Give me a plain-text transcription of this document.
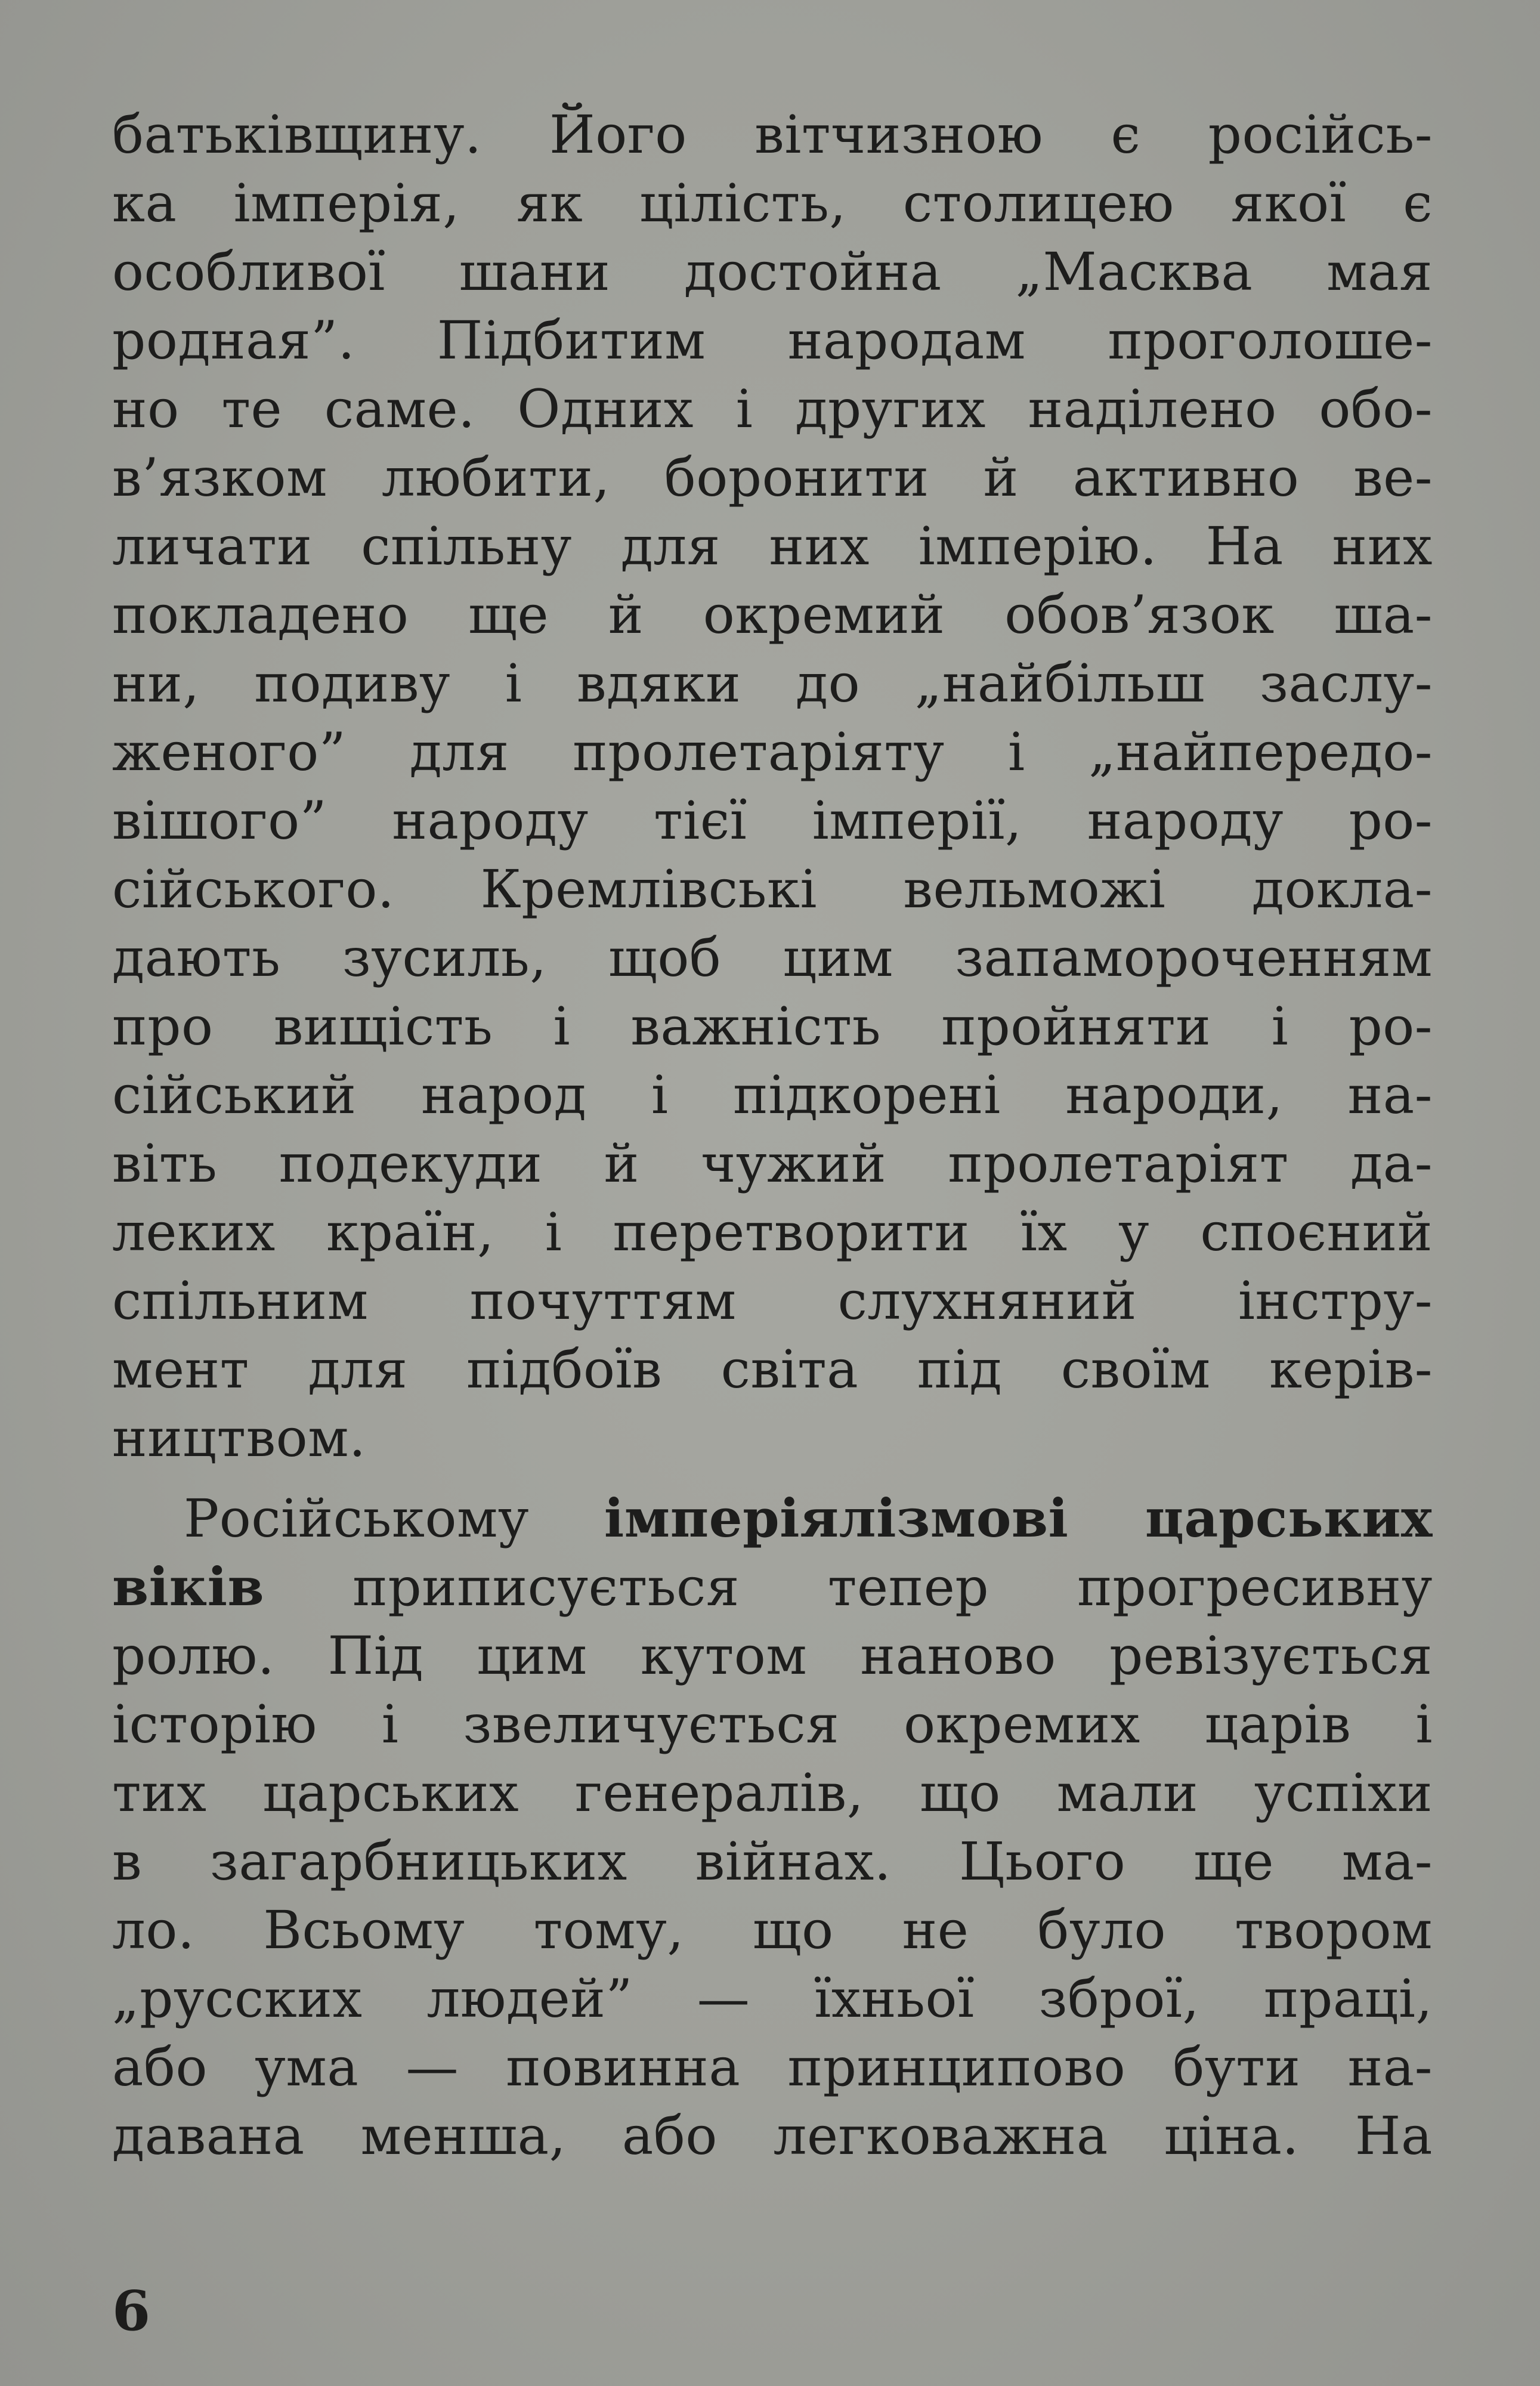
батьківщину. Його вітчизною є російсь-
ка імперія, як цілість, столицею якої є
особливої шани достойна „Масква мая
родная”. Підбитим народам проголоше-
но те саме. Одних і других наділено обо-
в’язком любити, боронити й активно ве-
личати спільну для них імперію. На них
покладено ще й окремий обов’язок ша-
ни, подиву і вдяки до „найбільш заслу-
женого” для пролетаріяту і „найпередо-
вішого” народу тієї імперії, народу ро-
сійського. Кремлівські вельможі докла-
дають зусиль, щоб цим запамороченням
про вищість і важність пройняти і ро-
сійський народ і підкорені народи, на-
віть подекуди й чужий пролетаріят да-
леких країн, і перетворити їх у споєний
спільним почуттям слухняний інстру-
мент для підбоїв світа під своїм керів-
ництвом.
Російському імперіялізмові царських
віків приписується тепер прогресивну
ролю. Під цим кутом наново ревізується
історію і звеличується окремих царів і
тих царських генералів, що мали успіхи
в загарбницьких війнах. Цього ще ма-
ло. Всьому тому, що не було твором
„русских людей” — їхньої зброї, праці,
або ума — повинна принципово бути на-
давана менша, або легковажна ціна. На
6
